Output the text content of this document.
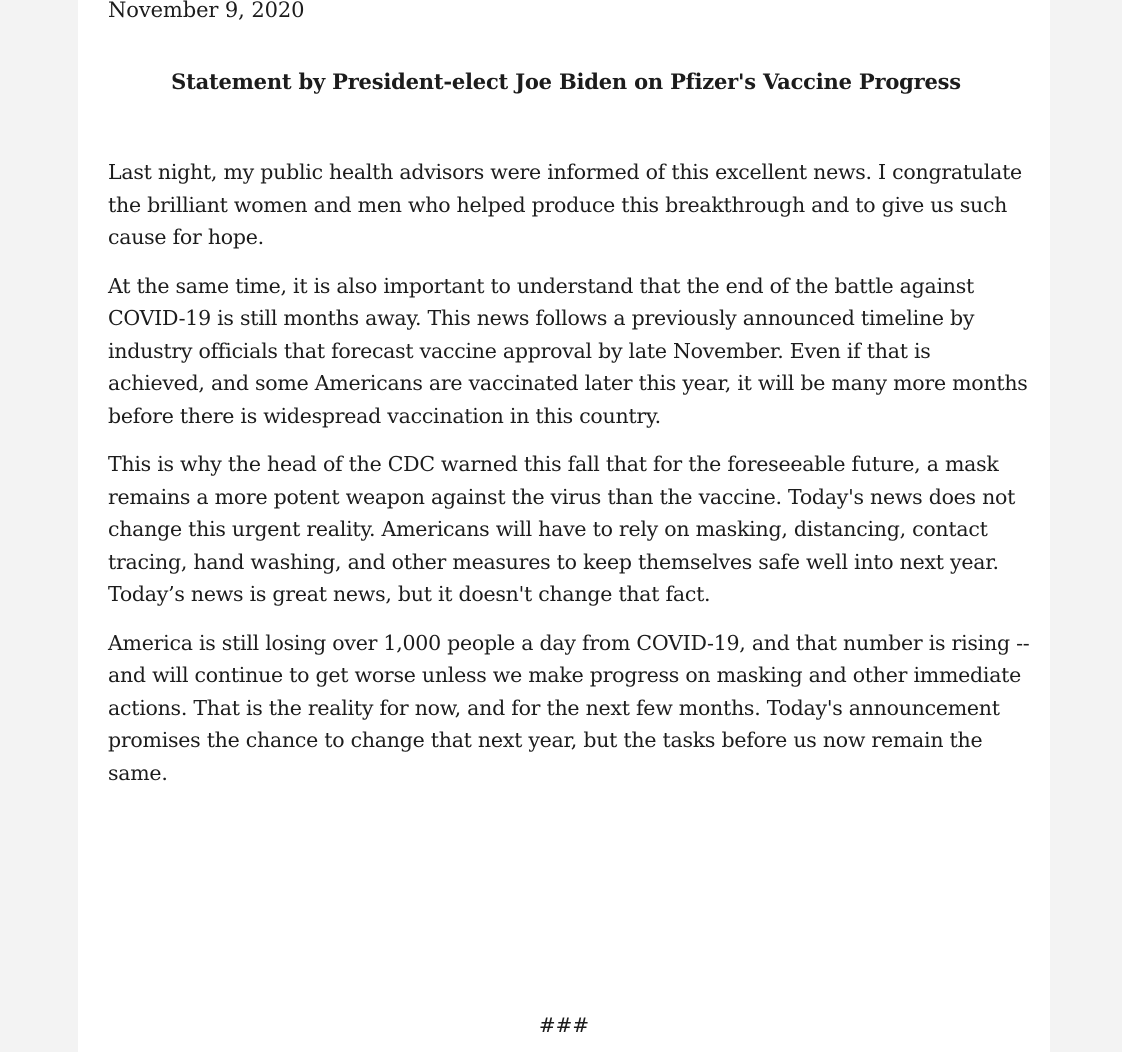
November 9, 2020
Statement by President-elect Joe Biden on Pfizer's Vaccine Progress

Last night, my public health advisors were informed of this excellent news. I congratulate the brilliant women and men who helped produce this breakthrough and to give us such cause for hope.

At the same time, it is also important to understand that the end of the battle against COVID-19 is still months away. This news follows a previously announced timeline by industry officials that forecast vaccine approval by late November. Even if that is achieved, and some Americans are vaccinated later this year, it will be many more months before there is widespread vaccination in this country.

This is why the head of the CDC warned this fall that for the foreseeable future, a mask remains a more potent weapon against the virus than the vaccine. Today's news does not change this urgent reality. Americans will have to rely on masking, distancing, contact tracing, hand washing, and other measures to keep themselves safe well into next year. Today’s news is great news, but it doesn't change that fact.

America is still losing over 1,000 people a day from COVID-19, and that number is rising -- and will continue to get worse unless we make progress on masking and other immediate actions. That is the reality for now, and for the next few months. Today's announcement promises the chance to change that next year, but the tasks before us now remain the same.

###
